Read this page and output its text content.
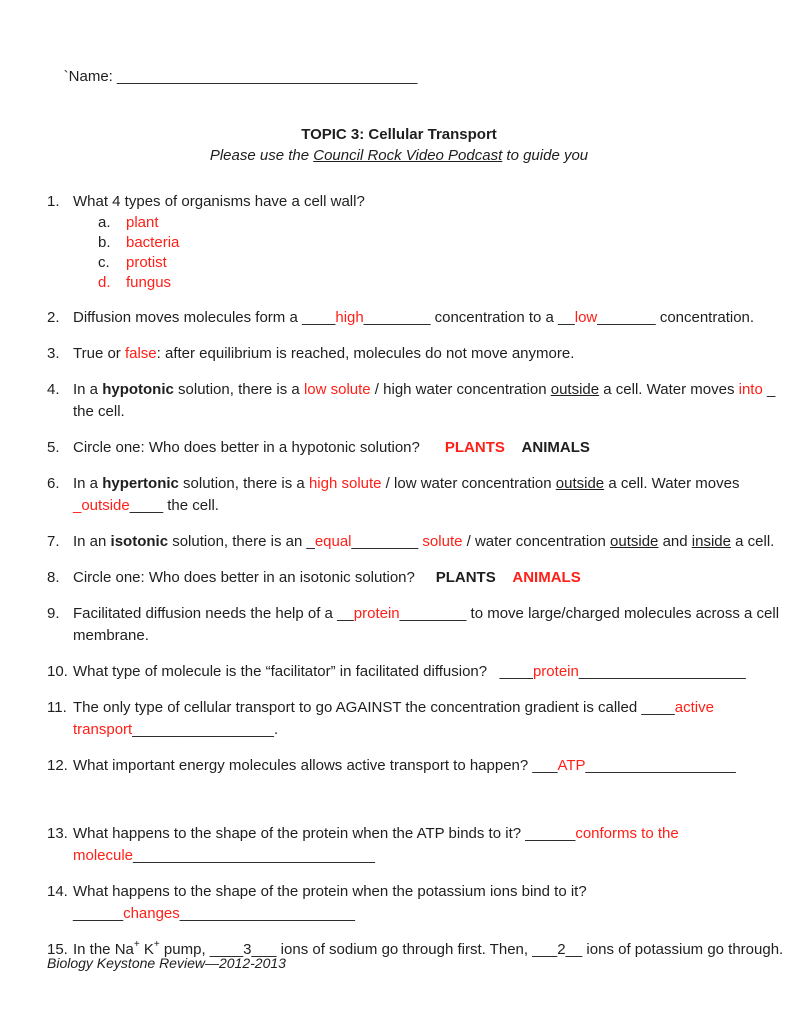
`Name: ____________________________________

TOPIC 3: Cellular Transport
Please use the Council Rock Video Podcast to guide you
1. What 4 types of organisms have a cell wall?
a.	plant
b.	bacteria
c.	protist
d.	fungus
2. Diffusion moves molecules form a ____high________ concentration to a __low_______ concentration.
3. True or false: after equilibrium is reached, molecules do not move anymore.
4. In a hypotonic solution, there is a low solute / high water concentration outside a cell. Water moves into _
the cell.
5. Circle one: Who does better in a hypotonic solution?      PLANTS ANIMALS
6. In a hypertonic solution, there is a high solute / low water concentration outside a cell. Water moves
_outside____ the cell.
7. In an isotonic solution, there is an _equal________ solute / water concentration outside and inside a cell.
8. Circle one: Who does better in an isotonic solution?     PLANTS ANIMALS
9. Facilitated diffusion needs the help of a __protein________ to move large/charged molecules across a cell
membrane.
10. What type of molecule is the “facilitator” in facilitated diffusion?   ____protein____________________
11. The only type of cellular transport to go AGAINST the concentration gradient is called ____active
transport_________________.
12. What important energy molecules allows active transport to happen? ___ATP__________________
13. What happens to the shape of the protein when the ATP binds to it? ______conforms to the
molecule_____________________________
14. What happens to the shape of the protein when the potassium ions bind to it?
______changes_____________________
15. In the Na+ K+ pump, ____3___ ions of sodium go through first. Then, ___2__ ions of potassium go through.
Biology Keystone Review—2012-2013
